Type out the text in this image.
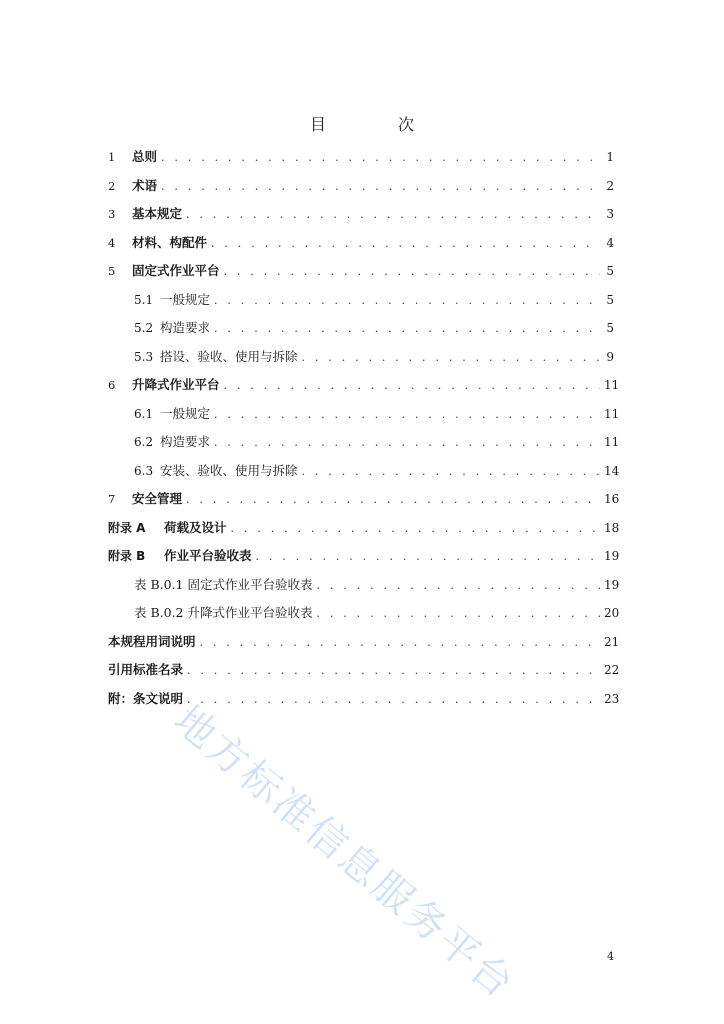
目　次
1	总则 . . .	1
2	术语 . . .	2
3	基本规定 . . .	3
4	材料、构配件 . . .	4
5	固定式作业平台 . . .	5
5.1 一般规定 . . .	5
5.2 构造要求 . . .	5
5.3 搭设、验收、使用与拆除 . . .	9
6	升降式作业平台 . . .	11
6.1 一般规定 . . .	11
6.2 构造要求 . . .	11
6.3 安装、验收、使用与拆除 . . .	14
7	安全管理 . . .	16
附录 A	荷载及设计 . . .	18
附录 B	作业平台验收表 . . .	19
表 B.0.1 固定式作业平台验收表 . . .	19
表 B.0.2 升降式作业平台验收表 . . .	20
本规程用词说明 . . .	21
引用标准名录 . . .	22
附：条文说明 . . .	23
4
地方标准信息服务平台
